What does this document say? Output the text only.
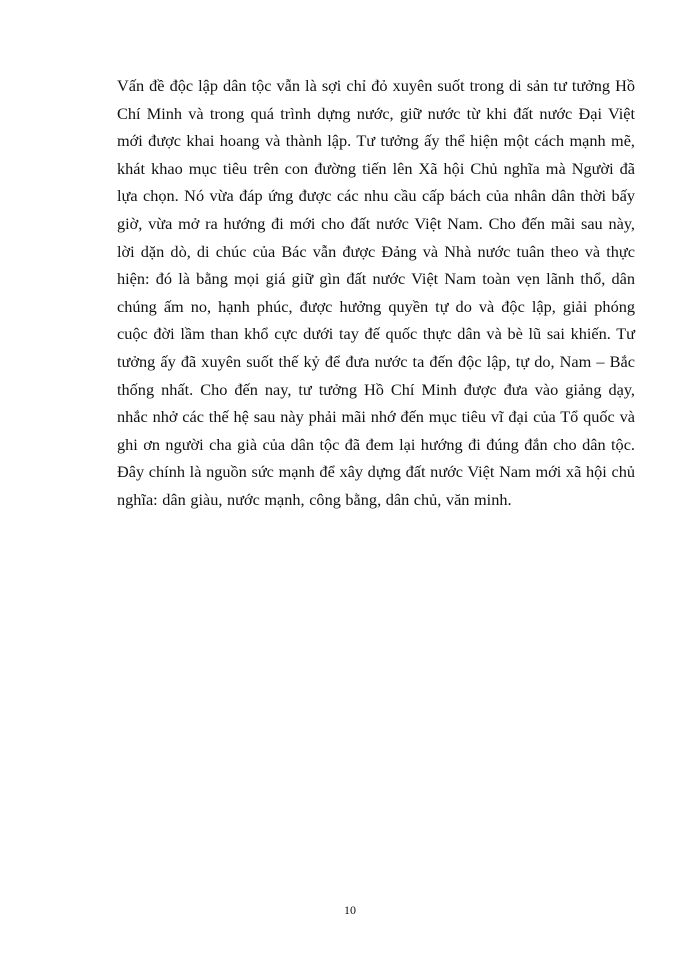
Vấn đề độc lập dân tộc vẫn là sợi chỉ đỏ xuyên suốt trong di sản tư tưởng Hồ Chí Minh và trong quá trình dựng nước, giữ nước từ khi đất nước Đại Việt mới được khai hoang và thành lập. Tư tưởng ấy thể hiện một cách mạnh mẽ, khát khao mục tiêu trên con đường tiến lên Xã hội Chủ nghĩa mà Người đã lựa chọn. Nó vừa đáp ứng được các nhu cầu cấp bách của nhân dân thời bấy giờ, vừa mở ra hướng đi mới cho đất nước Việt Nam. Cho đến mãi sau này, lời dặn dò, di chúc của Bác vẫn được Đảng và Nhà nước tuân theo và thực hiện: đó là bằng mọi giá giữ gìn đất nước Việt Nam toàn vẹn lãnh thổ, dân chúng ấm no, hạnh phúc, được hưởng quyền tự do và độc lập, giải phóng cuộc đời lầm than khổ cực dưới tay đế quốc thực dân và bè lũ sai khiến. Tư tưởng ấy đã xuyên suốt thế kỷ để đưa nước ta đến độc lập, tự do, Nam – Bắc thống nhất. Cho đến nay, tư tưởng Hồ Chí Minh được đưa vào giảng dạy, nhắc nhở các thế hệ sau này phải mãi nhớ đến mục tiêu vĩ đại của Tổ quốc và ghi ơn người cha già của dân tộc đã đem lại hướng đi đúng đắn cho dân tộc. Đây chính là nguồn sức mạnh để xây dựng đất nước Việt Nam mới xã hội chủ nghĩa: dân giàu, nước mạnh, công bằng, dân chủ, văn minh.

10
